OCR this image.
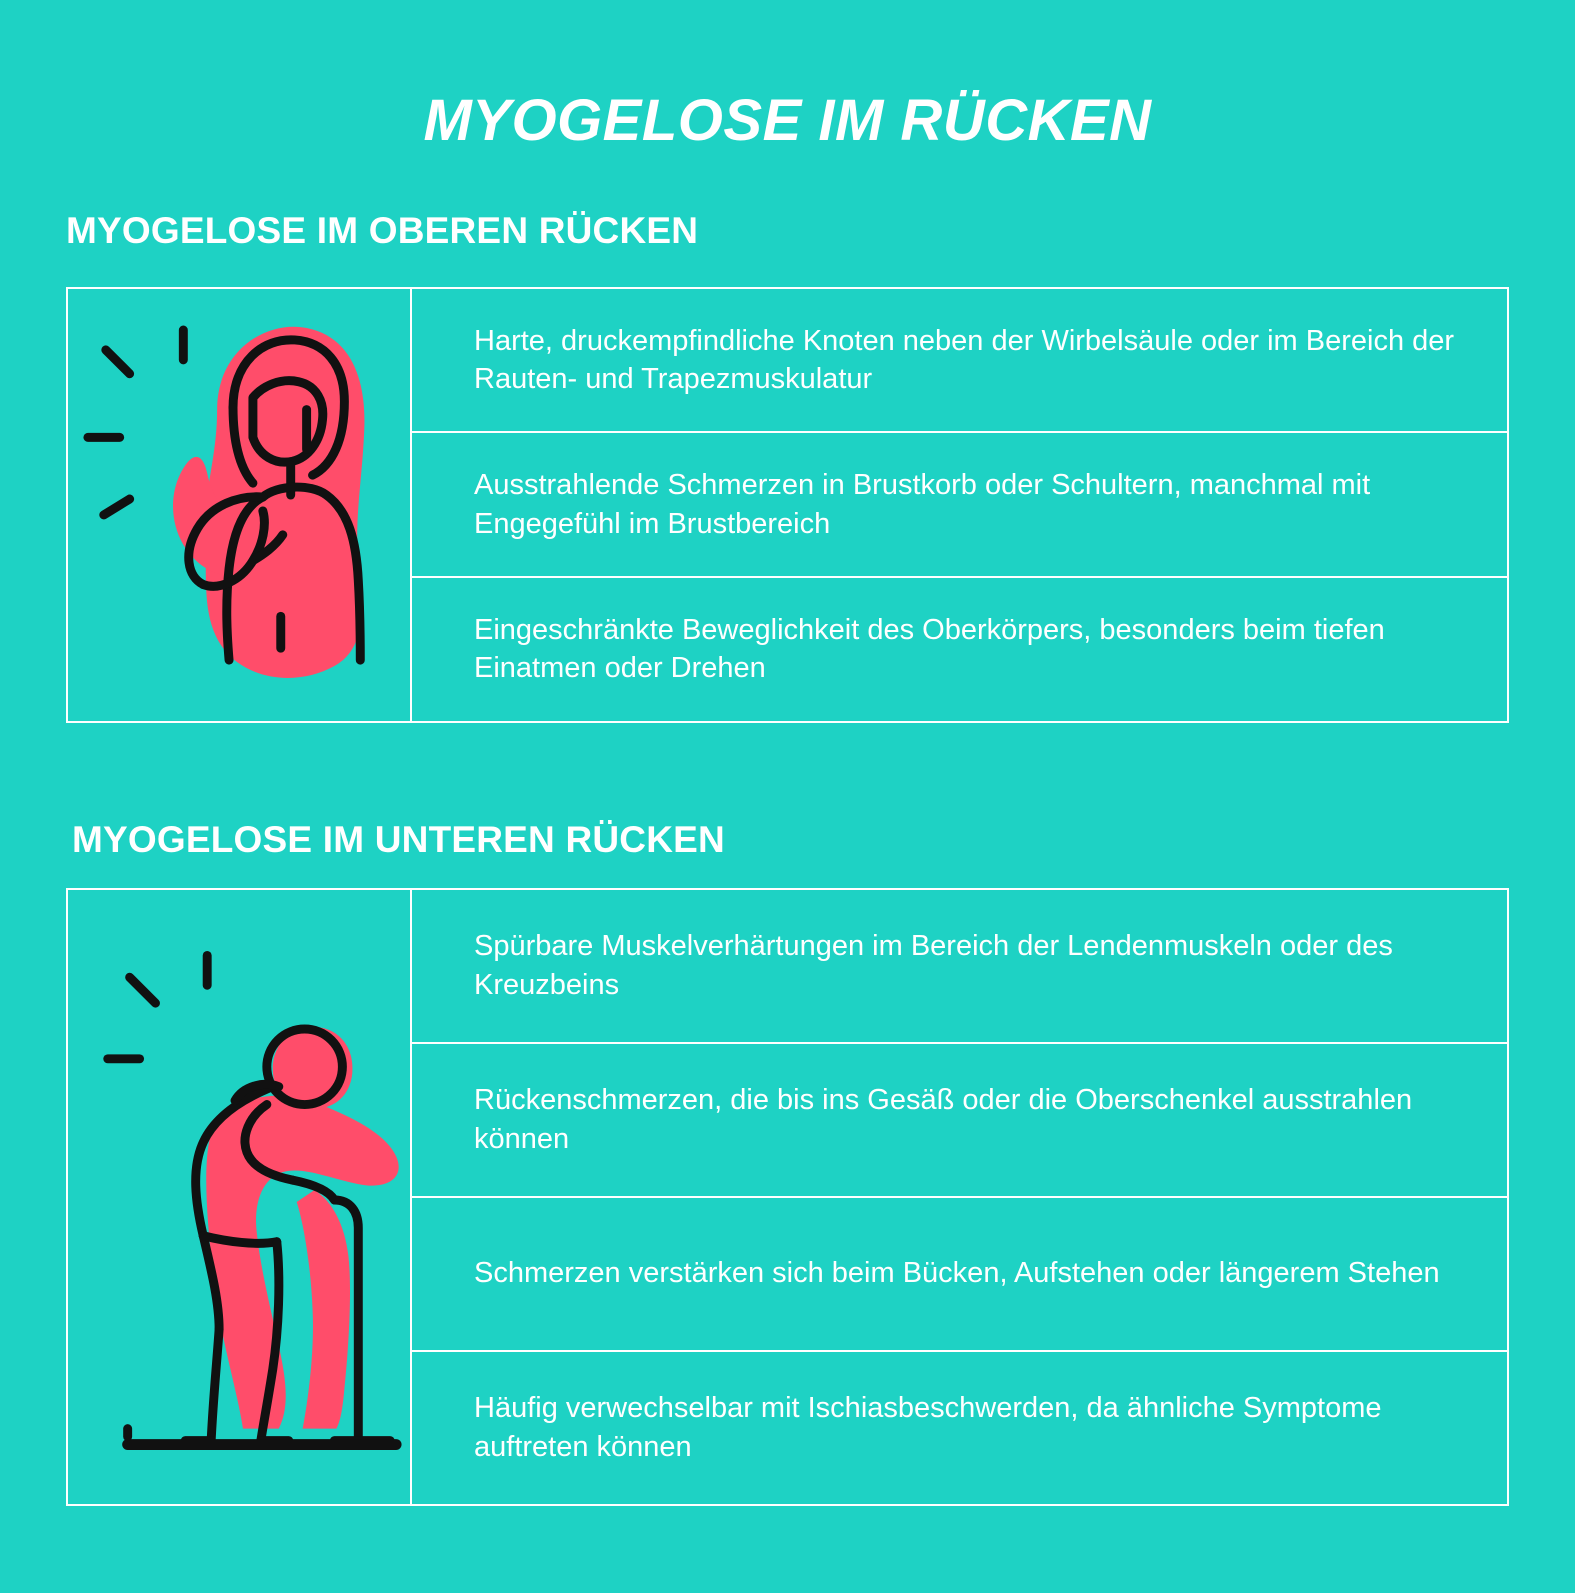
MYOGELOSE IM RÜCKEN
MYOGELOSE IM OBEREN RÜCKEN
Harte, druckempfindliche Knoten neben der Wirbelsäule oder im Bereich der Rauten- und Trapezmuskulatur
Ausstrahlende Schmerzen in Brustkorb oder Schultern, manchmal mit Engegefühl im Brustbereich
Eingeschränkte Beweglichkeit des Oberkörpers, besonders beim tiefen Einatmen oder Drehen
MYOGELOSE IM UNTEREN RÜCKEN
Spürbare Muskelverhärtungen im Bereich der Lendenmuskeln oder des Kreuzbeins
Rückenschmerzen, die bis ins Gesäß oder die Oberschenkel ausstrahlen können
Schmerzen verstärken sich beim Bücken, Aufstehen oder längerem Stehen
Häufig verwechselbar mit Ischiasbeschwerden, da ähnliche Symptome auftreten können
